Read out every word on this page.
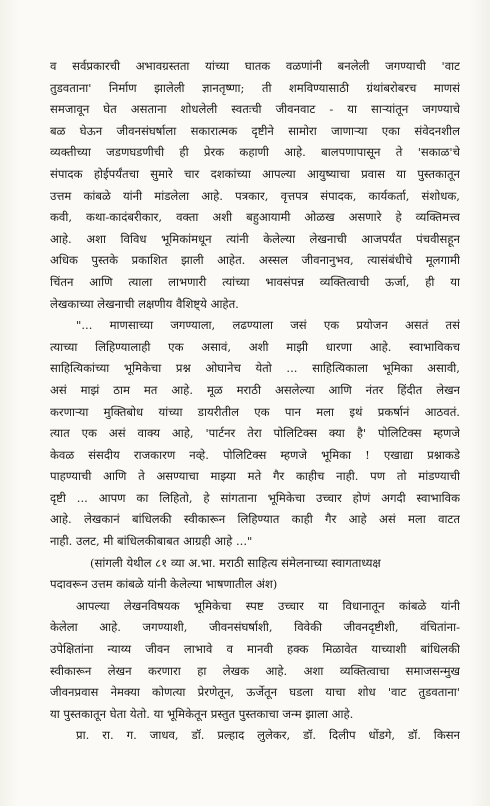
व सर्वप्रकारची अभावग्रस्तता यांच्या घातक वळणांनी बनलेली जगण्याची 'वाट
तुडवताना' निर्माण झालेली ज्ञानतृष्णा; ती शमविण्यासाठी ग्रंथांबरोबरच माणसं
समजावून घेत असताना शोधलेली स्वतःची जीवनवाट - या साऱ्यांतून जगण्याचे
बळ घेऊन जीवनसंघर्षाला सकारात्मक दृष्टीने सामोरा जाणाऱ्या एका संवेदनशील
व्यक्तीच्या जडणघडणीची ही प्रेरक कहाणी आहे. बालपणापासून ते 'सकाळ'चे
संपादक होईपर्यंतचा सुमारे चार दशकांच्या आपल्या आयुष्याचा प्रवास या पुस्तकातून
उत्तम कांबळे यांनी मांडलेला आहे. पत्रकार, वृत्तपत्र संपादक, कार्यकर्ता, संशोधक,
कवी, कथा-कादंबरीकार, वक्ता अशी बहुआयामी ओळख असणारे हे व्यक्तिमत्त्व
आहे. अशा विविध भूमिकांमधून त्यांनी केलेल्या लेखनाची आजपर्यंत पंचवीसहून
अधिक पुस्तके प्रकाशित झाली आहेत. अस्सल जीवनानुभव, त्यासंबंधीचे मूलगामी
चिंतन आणि त्याला लाभणारी त्यांच्या भावसंपन्न व्यक्तित्वाची ऊर्जा, ही या
लेखकाच्या लेखनाची लक्षणीय वैशिष्ट्ये आहेत.

"... माणसाच्या जगण्याला, लढण्याला जसं एक प्रयोजन असतं तसं
त्याच्या लिहिण्यालाही एक असावं, अशी माझी धारणा आहे. स्वाभाविकच
साहित्यिकांच्या भूमिकेचा प्रश्न ओघानेच येतो ... साहित्यिकाला भूमिका असावी,
असं माझं ठाम मत आहे. मूळ मराठी असलेल्या आणि नंतर हिंदीत लेखन
करणाऱ्या मुक्तिबोध यांच्या डायरीतील एक पान मला इथं प्रकर्षानं आठवतं.
त्यात एक असं वाक्य आहे, 'पार्टनर तेरा पोलिटिक्स क्या है' पोलिटिक्स म्हणजे
केवळ संसदीय राजकारण नव्हे. पोलिटिक्स म्हणजे भूमिका ! एखाद्या प्रश्नाकडे
पाहण्याची आणि ते असण्याचा माझ्या मते गैर काहीच नाही. पण तो मांडण्याची
दृष्टी ... आपण का लिहितो, हे सांगताना भूमिकेचा उच्चार होणं अगदी स्वाभाविक
आहे. लेखकानं बांधिलकी स्वीकारून लिहिण्यात काही गैर आहे असं मला वाटत
नाही. उलट, मी बांधिलकीबाबत आग्रही आहे ..."

(सांगली येथील ८१ व्या अ.भा. मराठी साहित्य संमेलनाच्या स्वागताध्यक्ष
पदावरून उत्तम कांबळे यांनी केलेल्या भाषणातील अंश)

आपल्या लेखनविषयक भूमिकेचा स्पष्ट उच्चार या विधानातून कांबळे यांनी
केलेला आहे. जगण्याशी, जीवनसंघर्षाशी, विवेकी जीवनदृष्टीशी, वंचितांना-
उपेक्षितांना न्याय्य जीवन लाभावे व मानवी हक्क मिळावेत याच्याशी बांधिलकी
स्वीकारून लेखन करणारा हा लेखक आहे. अशा व्यक्तित्वाचा समाजसन्मुख
जीवनप्रवास नेमक्या कोणत्या प्रेरणेतून, ऊर्जेतून घडला याचा शोध 'वाट तुडवताना'
या पुस्तकातून घेता येतो. या भूमिकेतून प्रस्तुत पुस्तकाचा जन्म झाला आहे.
प्रा. रा. ग. जाधव, डॉ. प्रल्हाद लुलेकर, डॉ. दिलीप धोंडगे, डॉ. किसन
